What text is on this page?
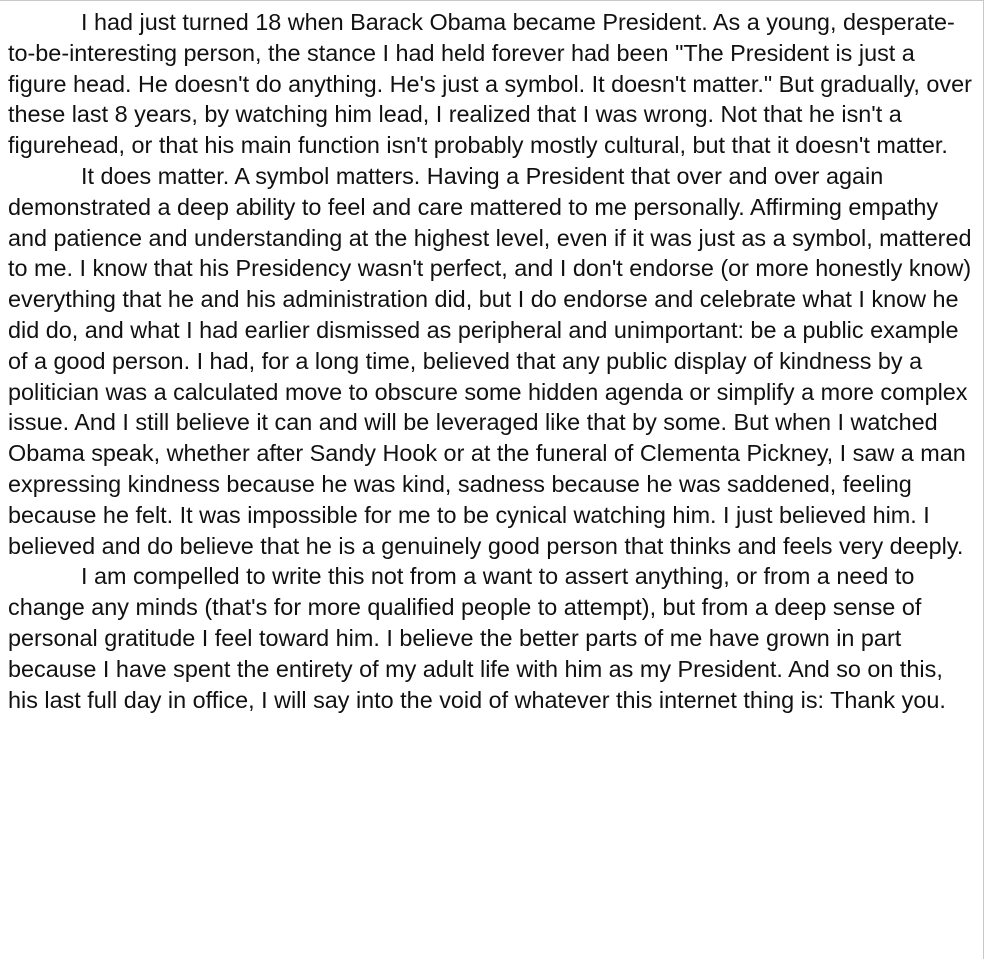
I had just turned 18 when Barack Obama became President. As a young, desperate-to-be-interesting person, the stance I had held forever had been "The President is just a figure head. He doesn't do anything. He's just a symbol. It doesn't matter." But gradually, over these last 8 years, by watching him lead, I realized that I was wrong. Not that he isn't a figurehead, or that his main function isn't probably mostly cultural, but that it doesn't matter.

It does matter. A symbol matters. Having a President that over and over again demonstrated a deep ability to feel and care mattered to me personally. Affirming empathy and patience and understanding at the highest level, even if it was just as a symbol, mattered to me. I know that his Presidency wasn't perfect, and I don't endorse (or more honestly know) everything that he and his administration did, but I do endorse and celebrate what I know he did do, and what I had earlier dismissed as peripheral and unimportant: be a public example of a good person. I had, for a long time, believed that any public display of kindness by a politician was a calculated move to obscure some hidden agenda or simplify a more complex issue. And I still believe it can and will be leveraged like that by some. But when I watched Obama speak, whether after Sandy Hook or at the funeral of Clementa Pickney, I saw a man expressing kindness because he was kind, sadness because he was saddened, feeling because he felt. It was impossible for me to be cynical watching him. I just believed him. I believed and do believe that he is a genuinely good person that thinks and feels very deeply.

I am compelled to write this not from a want to assert anything, or from a need to change any minds (that's for more qualified people to attempt), but from a deep sense of personal gratitude I feel toward him. I believe the better parts of me have grown in part because I have spent the entirety of my adult life with him as my President. And so on this, his last full day in office, I will say into the void of whatever this internet thing is: Thank you.
